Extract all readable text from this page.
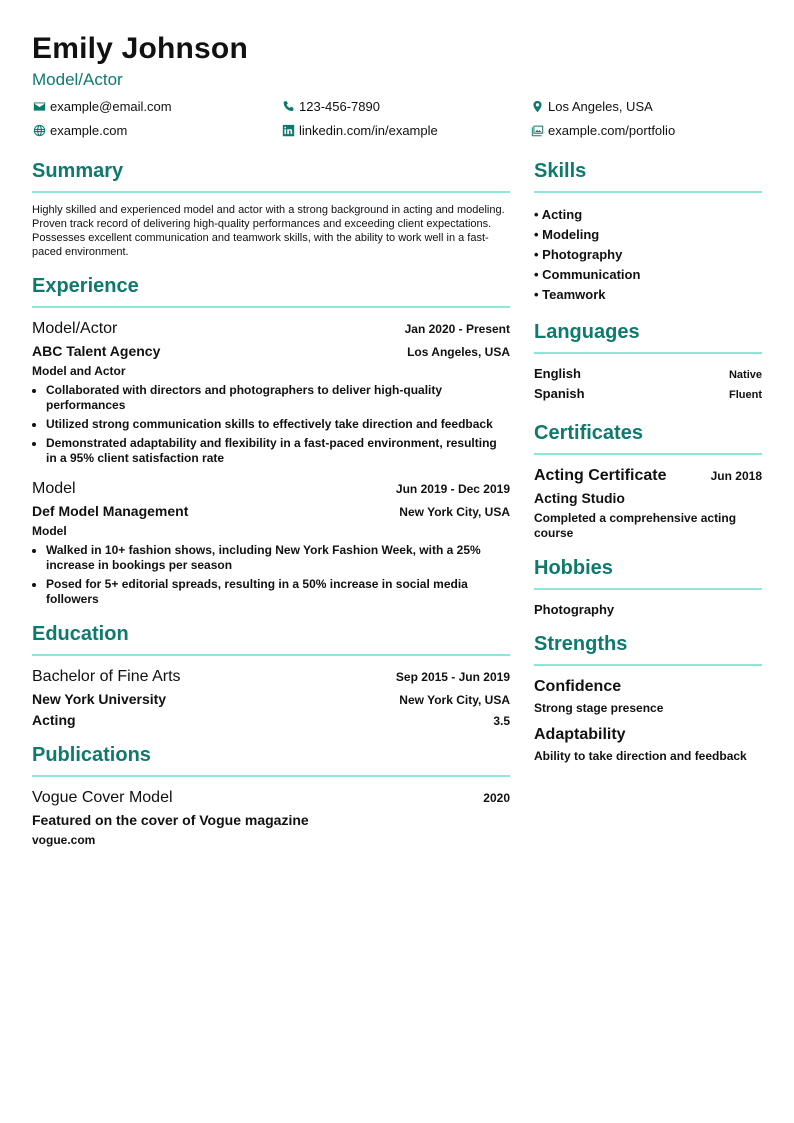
Emily Johnson
Model/Actor
example@email.com	123-456-7890	Los Angeles, USA
example.com	linkedin.com/in/example	example.com/portfolio
Summary
Highly skilled and experienced model and actor with a strong background in acting and modeling. Proven track record of delivering high-quality performances and exceeding client expectations. Possesses excellent communication and teamwork skills, with the ability to work well in a fast-paced environment.
Experience
Model/Actor	Jan 2020 - Present
ABC Talent Agency	Los Angeles, USA
Model and Actor
• Collaborated with directors and photographers to deliver high-quality performances
• Utilized strong communication skills to effectively take direction and feedback
• Demonstrated adaptability and flexibility in a fast-paced environment, resulting in a 95% client satisfaction rate
Model	Jun 2019 - Dec 2019
Def Model Management	New York City, USA
Model
• Walked in 10+ fashion shows, including New York Fashion Week, with a 25% increase in bookings per season
• Posed for 5+ editorial spreads, resulting in a 50% increase in social media followers
Education
Bachelor of Fine Arts	Sep 2015 - Jun 2019
New York University	New York City, USA
Acting	3.5
Publications
Vogue Cover Model	2020
Featured on the cover of Vogue magazine
vogue.com
Skills
• Acting
• Modeling
• Photography
• Communication
• Teamwork
Languages
English	Native
Spanish	Fluent
Certificates
Acting Certificate	Jun 2018
Acting Studio
Completed a comprehensive acting course
Hobbies
Photography
Strengths
Confidence
Strong stage presence
Adaptability
Ability to take direction and feedback
